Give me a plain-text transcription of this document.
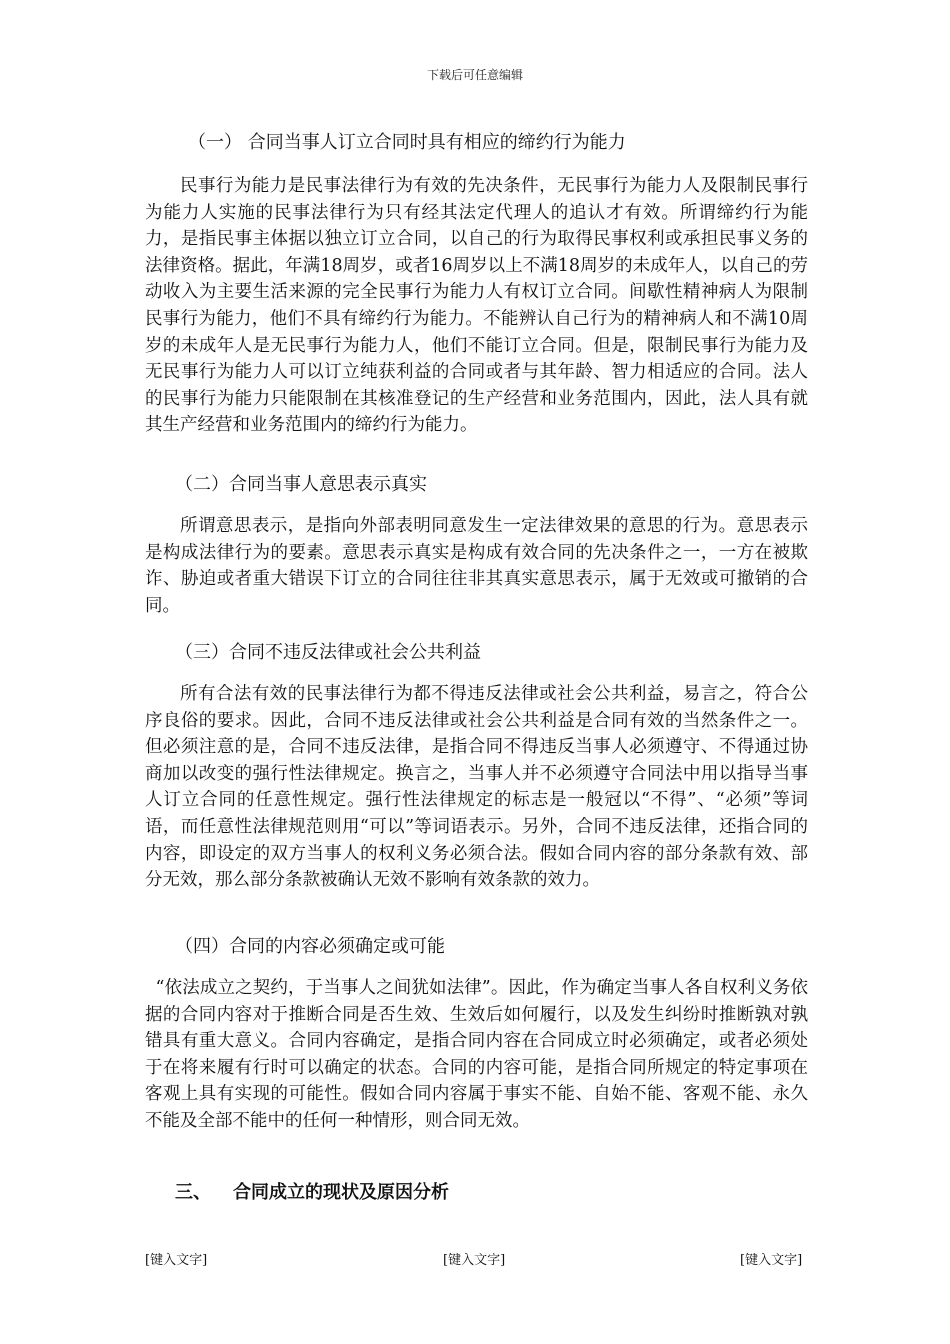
下载后可任意编辑
（一） 合同当事人订立合同时具有相应的缔约行为能力

民事行为能力是民事法律行为有效的先决条件，无民事行为能力人及限制民事行为能力人实施的民事法律行为只有经其法定代理人的追认才有效。所谓缔约行为能力，是指民事主体据以独立订立合同，以自己的行为取得民事权利或承担民事义务的法律资格。据此，年满18周岁，或者16周岁以上不满18周岁的未成年人，以自己的劳动收入为主要生活来源的完全民事行为能力人有权订立合同。间歇性精神病人为限制民事行为能力，他们不具有缔约行为能力。不能辨认自己行为的精神病人和不满10周岁的未成年人是无民事行为能力人，他们不能订立合同。但是，限制民事行为能力及无民事行为能力人可以订立纯获利益的合同或者与其年龄、智力相适应的合同。法人的民事行为能力只能限制在其核准登记的生产经营和业务范围内，因此，法人具有就其生产经营和业务范围内的缔约行为能力。

（二）合同当事人意思表示真实

所谓意思表示，是指向外部表明同意发生一定法律效果的意思的行为。意思表示是构成法律行为的要素。意思表示真实是构成有效合同的先决条件之一，一方在被欺诈、胁迫或者重大错误下订立的合同往往非其真实意思表示，属于无效或可撤销的合同。

（三）合同不违反法律或社会公共利益

所有合法有效的民事法律行为都不得违反法律或社会公共利益，易言之，符合公序良俗的要求。因此，合同不违反法律或社会公共利益是合同有效的当然条件之一。但必须注意的是，合同不违反法律，是指合同不得违反当事人必须遵守、不得通过协商加以改变的强行性法律规定。换言之，当事人并不必须遵守合同法中用以指导当事人订立合同的任意性规定。强行性法律规定的标志是一般冠以“不得”、“必须”等词语，而任意性法律规范则用“可以”等词语表示。另外，合同不违反法律，还指合同的内容，即设定的双方当事人的权利义务必须合法。假如合同内容的部分条款有效、部分无效，那么部分条款被确认无效不影响有效条款的效力。

（四）合同的内容必须确定或可能

“依法成立之契约，于当事人之间犹如法律”。因此，作为确定当事人各自权利义务依据的合同内容对于推断合同是否生效、生效后如何履行，以及发生纠纷时推断孰对孰错具有重大意义。合同内容确定，是指合同内容在合同成立时必须确定，或者必须处于在将来履有行时可以确定的状态。合同的内容可能，是指合同所规定的特定事项在客观上具有实现的可能性。假如合同内容属于事实不能、自始不能、客观不能、永久不能及全部不能中的任何一种情形，则合同无效。

三、 合同成立的现状及原因分析
[键入文字]	[键入文字]	[键入文字]
